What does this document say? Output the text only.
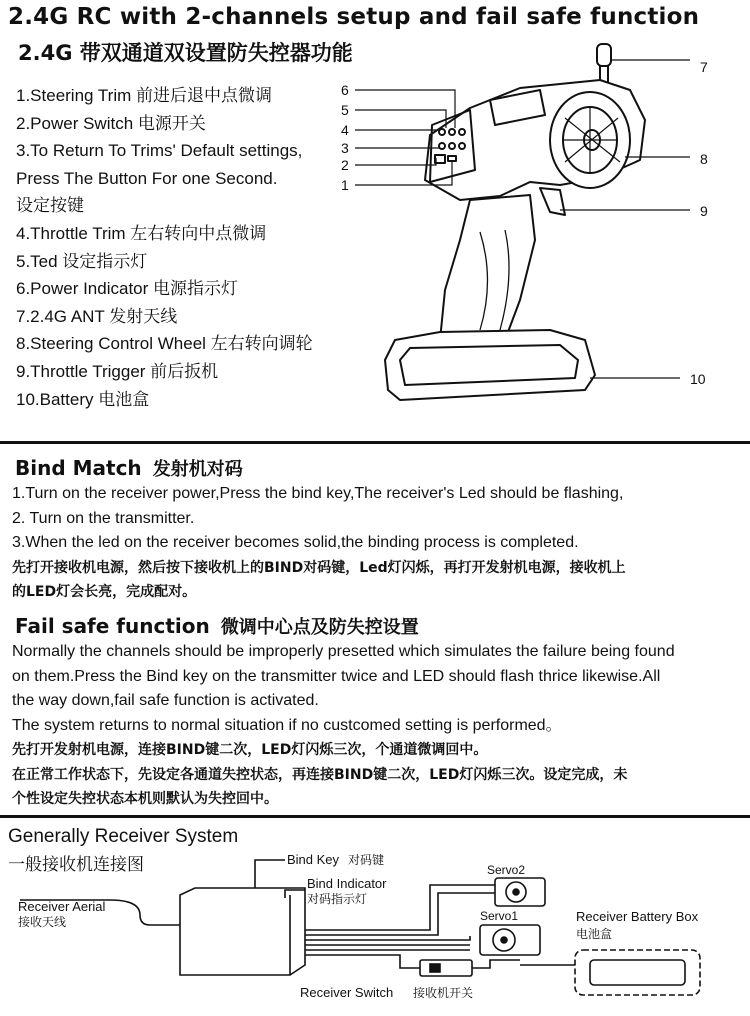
2.4G RC with 2-channels setup and fail safe function
2.4G 带双通道双设置防失控器功能
1.Steering Trim 前进后退中点微调
2.Power Switch 电源开关
3.To Return To Trims' Default settings,
Press The Button For one Second.
设定按键
4.Throttle Trim 左右转向中点微调
5.Ted 设定指示灯
6.Power Indicator 电源指示灯
7.2.4G ANT 发射天线
8.Steering Control Wheel 左右转向调轮
9.Throttle Trigger 前后扳机
10.Battery 电池盒
6
5
4
3
2
1
7
8
9
10
Bind Match 发射机对码
1.Turn on the receiver power,Press the bind key,The receiver's Led should be flashing,
2. Turn on the transmitter.
3.When the led on the receiver becomes solid,the binding process is completed.
先打开接收机电源，然后按下接收机上的BIND对码键，Led灯闪烁，再打开发射机电源，接收机上
的LED灯会长亮，完成配对。
Fail safe function 微调中心点及防失控设置
Normally the channels should be improperly presetted which simulates the failure being found
on them.Press the Bind key on the transmitter twice and LED should flash thrice likewise.All
the way down,fail safe function is activated.
The system returns to normal situation if no custcomed setting is performed。
先打开发射机电源，连接BIND键二次，LED灯闪烁三次，个通道微调回中。
在正常工作状态下，先设定各通道失控状态，再连接BIND键二次，LED灯闪烁三次。设定完成，未
个性设定失控状态本机则默认为失控回中。
Generally Receiver System
一般接收机连接图	Bind Key 对码键
Bind Indicator
对码指示灯
Receiver Aerial
接收天线
Servo2
Servo1	Receiver Battery Box
电池盒
Receiver Switch 接收机开关
